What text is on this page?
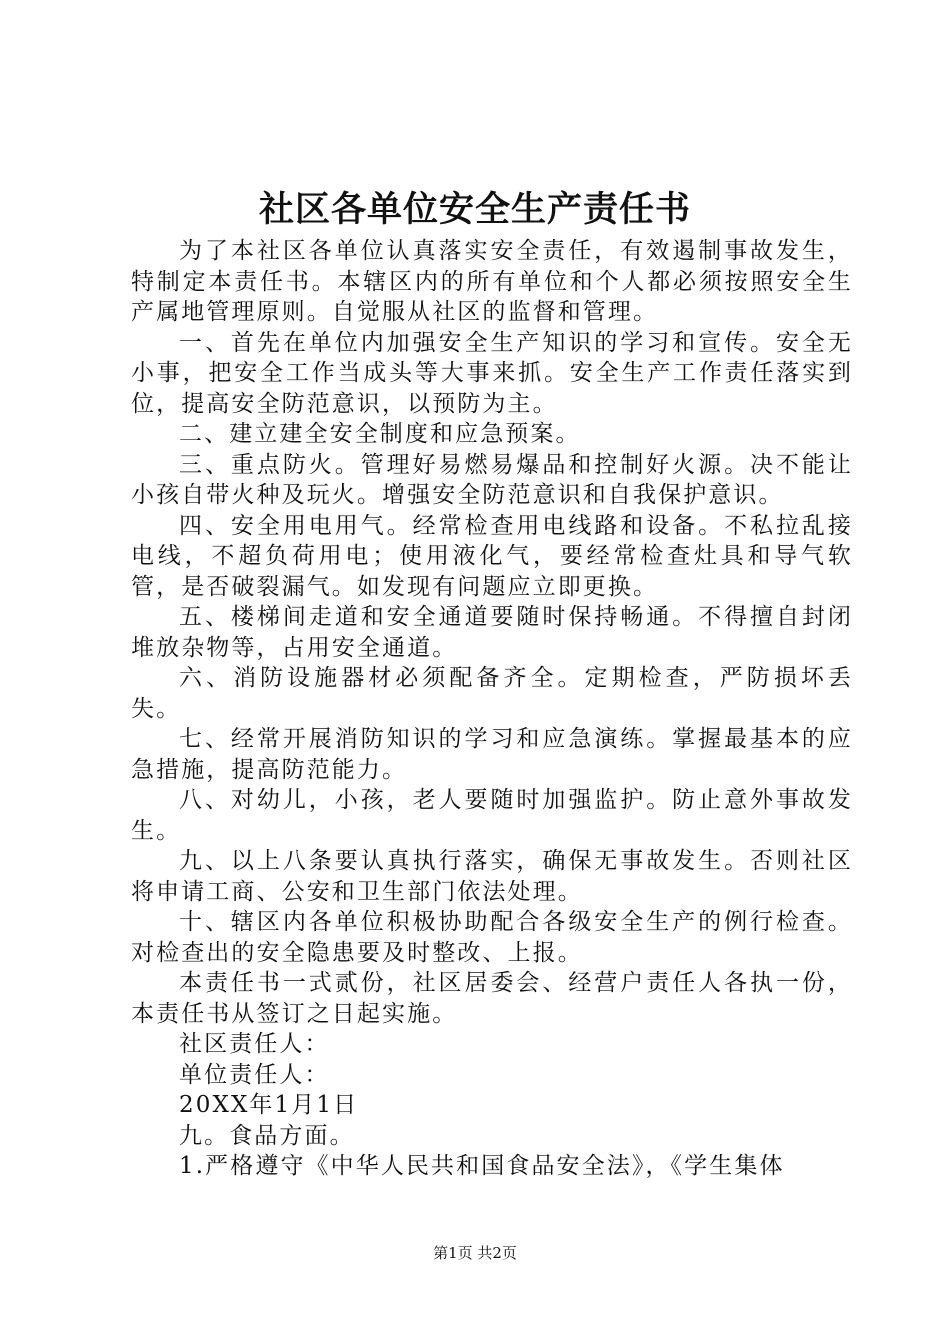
社区各单位安全生产责任书

为了本社区各单位认真落实安全责任，有效遏制事故发生，特制定本责任书。本辖区内的所有单位和个人都必须按照安全生产属地管理原则。自觉服从社区的监督和管理。

一、首先在单位内加强安全生产知识的学习和宣传。安全无小事，把安全工作当成头等大事来抓。安全生产工作责任落实到位，提高安全防范意识，以预防为主。

二、建立建全安全制度和应急预案。

三、重点防火。管理好易燃易爆品和控制好火源。决不能让小孩自带火种及玩火。增强安全防范意识和自我保护意识。

四、安全用电用气。经常检查用电线路和设备。不私拉乱接电线，不超负荷用电；使用液化气，要经常检查灶具和导气软管，是否破裂漏气。如发现有问题应立即更换。

五、楼梯间走道和安全通道要随时保持畅通。不得擅自封闭堆放杂物等，占用安全通道。

六、消防设施器材必须配备齐全。定期检查，严防损坏丢失。

七、经常开展消防知识的学习和应急演练。掌握最基本的应急措施，提高防范能力。

八、对幼儿，小孩，老人要随时加强监护。防止意外事故发生。

九、以上八条要认真执行落实，确保无事故发生。否则社区将申请工商、公安和卫生部门依法处理。

十、辖区内各单位积极协助配合各级安全生产的例行检查。对检查出的安全隐患要及时整改、上报。

本责任书一式贰份，社区居委会、经营户责任人各执一份，本责任书从签订之日起实施。

社区责任人：

单位责任人：

20XX年1月1日

九。食品方面。

1.严格遵守《中华人民共和国食品安全法》，《学生集体

第1页 共2页
